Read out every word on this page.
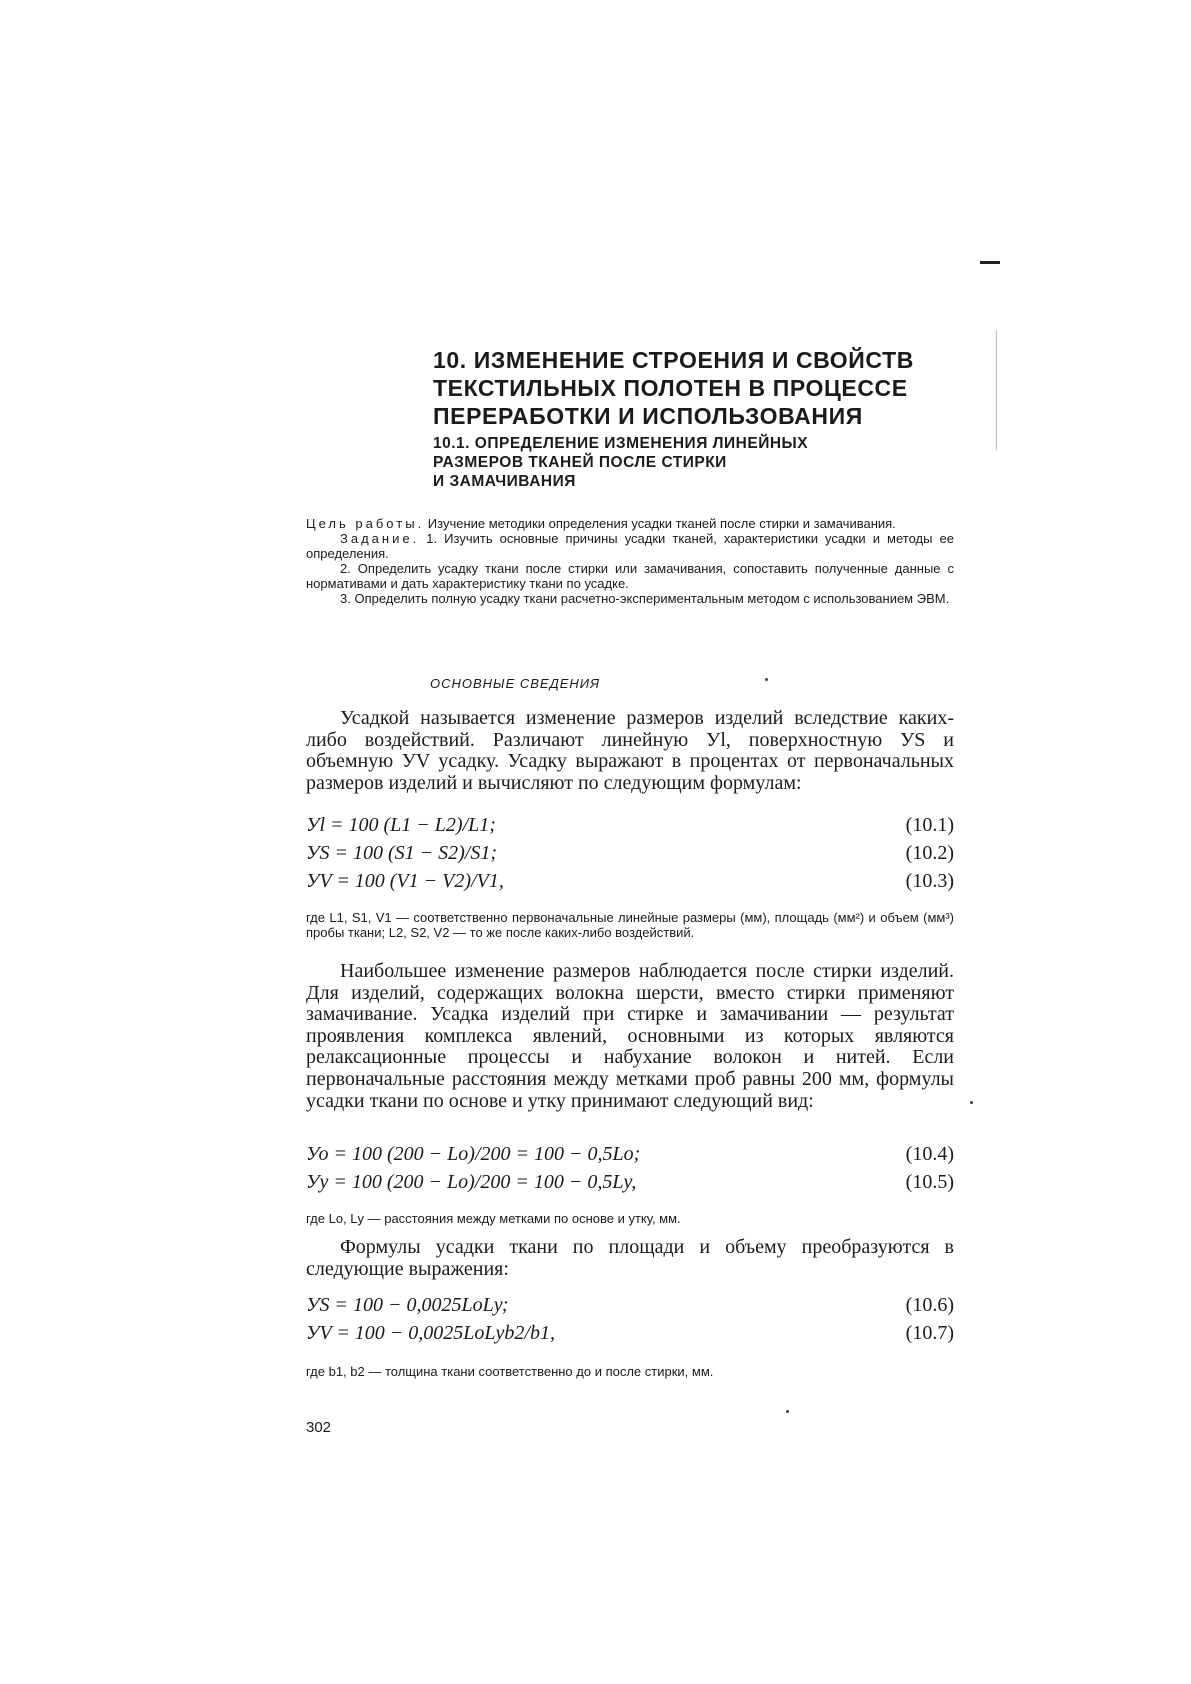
10. ИЗМЕНЕНИЕ СТРОЕНИЯ И СВОЙСТВ
ТЕКСТИЛЬНЫХ ПОЛОТЕН В ПРОЦЕССЕ
ПЕРЕРАБОТКИ И ИСПОЛЬЗОВАНИЯ
10.1. ОПРЕДЕЛЕНИЕ ИЗМЕНЕНИЯ ЛИНЕЙНЫХ
РАЗМЕРОВ ТКАНЕЙ ПОСЛЕ СТИРКИ
И ЗАМАЧИВАНИЯ

Цель работы. Изучение методики определения усадки тканей после стирки и замачивания.

Задание. 1. Изучить основные причины усадки тканей, характеристики усадки и методы ее определения.

2. Определить усадку ткани после стирки или замачивания, сопоставить полученные данные с нормативами и дать характеристику ткани по усадке.

3. Определить полную усадку ткани расчетно-экспериментальным методом с использованием ЭВМ.

ОСНОВНЫЕ СВЕДЕНИЯ

Усадкой называется изменение размеров изделий вследствие каких-либо воздействий. Различают линейную Уl, поверхностную УS и объемную УV усадку. Усадку выражают в процентах от первоначальных размеров изделий и вычисляют по следующим формулам:

Уl = 100 (L1 − L2)/L1;	(10.1)
УS = 100 (S1 − S2)/S1;	(10.2)
УV = 100 (V1 − V2)/V1,	(10.3)

где L1, S1, V1 — соответственно первоначальные линейные размеры (мм), площадь (мм²) и объем (мм³) пробы ткани; L2, S2, V2 — то же после каких-либо воздействий.

Наибольшее изменение размеров наблюдается после стирки изделий. Для изделий, содержащих волокна шерсти, вместо стирки применяют замачивание. Усадка изделий при стирке и замачивании — результат проявления комплекса явлений, основными из которых являются релаксационные процессы и набухание волокон и нитей. Если первоначальные расстояния между метками проб равны 200 мм, формулы усадки ткани по основе и утку принимают следующий вид:

Уо = 100 (200 − Lо)/200 = 100 − 0,5Lо;	(10.4)
Уу = 100 (200 − Lо)/200 = 100 − 0,5Lу,	(10.5)

где Lо, Lу — расстояния между метками по основе и утку, мм.

Формулы усадки ткани по площади и объему преобразуются в следующие выражения:

УS = 100 − 0,0025LоLу;	(10.6)
УV = 100 − 0,0025LоLуb2/b1,	(10.7)

где b1, b2 — толщина ткани соответственно до и после стирки, мм.

302
